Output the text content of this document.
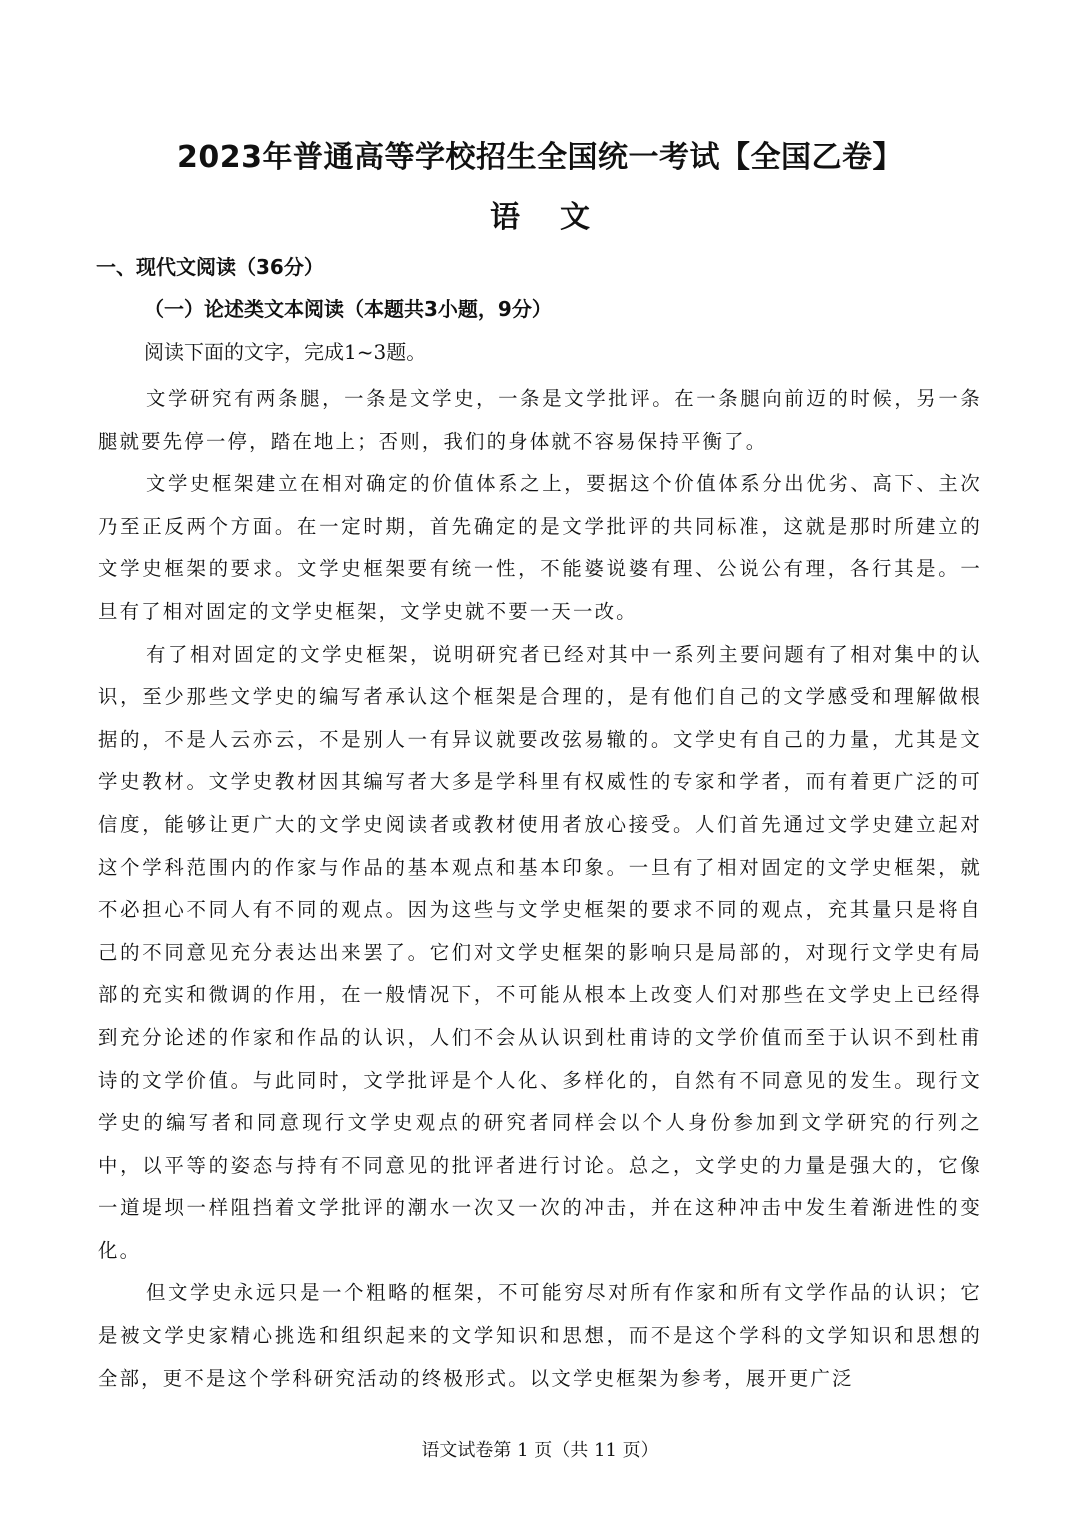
2023年普通高等学校招生全国统一考试【全国乙卷】
语文
一、现代文阅读（36分）
（一）论述类文本阅读（本题共3小题，9分）
阅读下面的文字，完成1~3题。

文学研究有两条腿，一条是文学史，一条是文学批评。在一条腿向前迈的时候，另一条腿就要先停一停，踏在地上；否则，我们的身体就不容易保持平衡了。

文学史框架建立在相对确定的价值体系之上，要据这个价值体系分出优劣、高下、主次乃至正反两个方面。在一定时期，首先确定的是文学批评的共同标准，这就是那时所建立的文学史框架的要求。文学史框架要有统一性，不能婆说婆有理、公说公有理，各行其是。一旦有了相对固定的文学史框架，文学史就不要一天一改。

有了相对固定的文学史框架，说明研究者已经对其中一系列主要问题有了相对集中的认识，至少那些文学史的编写者承认这个框架是合理的，是有他们自己的文学感受和理解做根据的，不是人云亦云，不是别人一有异议就要改弦易辙的。文学史有自己的力量，尤其是文学史教材。文学史教材因其编写者大多是学科里有权威性的专家和学者，而有着更广泛的可信度，能够让更广大的文学史阅读者或教材使用者放心接受。人们首先通过文学史建立起对这个学科范围内的作家与作品的基本观点和基本印象。一旦有了相对固定的文学史框架，就不必担心不同人有不同的观点。因为这些与文学史框架的要求不同的观点，充其量只是将自己的不同意见充分表达出来罢了。它们对文学史框架的影响只是局部的，对现行文学史有局部的充实和微调的作用，在一般情况下，不可能从根本上改变人们对那些在文学史上已经得到充分论述的作家和作品的认识，人们不会从认识到杜甫诗的文学价值而至于认识不到杜甫诗的文学价值。与此同时，文学批评是个人化、多样化的，自然有不同意见的发生。现行文学史的编写者和同意现行文学史观点的研究者同样会以个人身份参加到文学研究的行列之中，以平等的姿态与持有不同意见的批评者进行讨论。总之，文学史的力量是强大的，它像一道堤坝一样阻挡着文学批评的潮水一次又一次的冲击，并在这种冲击中发生着渐进性的变化。

但文学史永远只是一个粗略的框架，不可能穷尽对所有作家和所有文学作品的认识；它是被文学史家精心挑选和组织起来的文学知识和思想，而不是这个学科的文学知识和思想的全部，更不是这个学科研究活动的终极形式。以文学史框架为参考，展开更广泛

语文试卷第 1 页（共 11 页）
